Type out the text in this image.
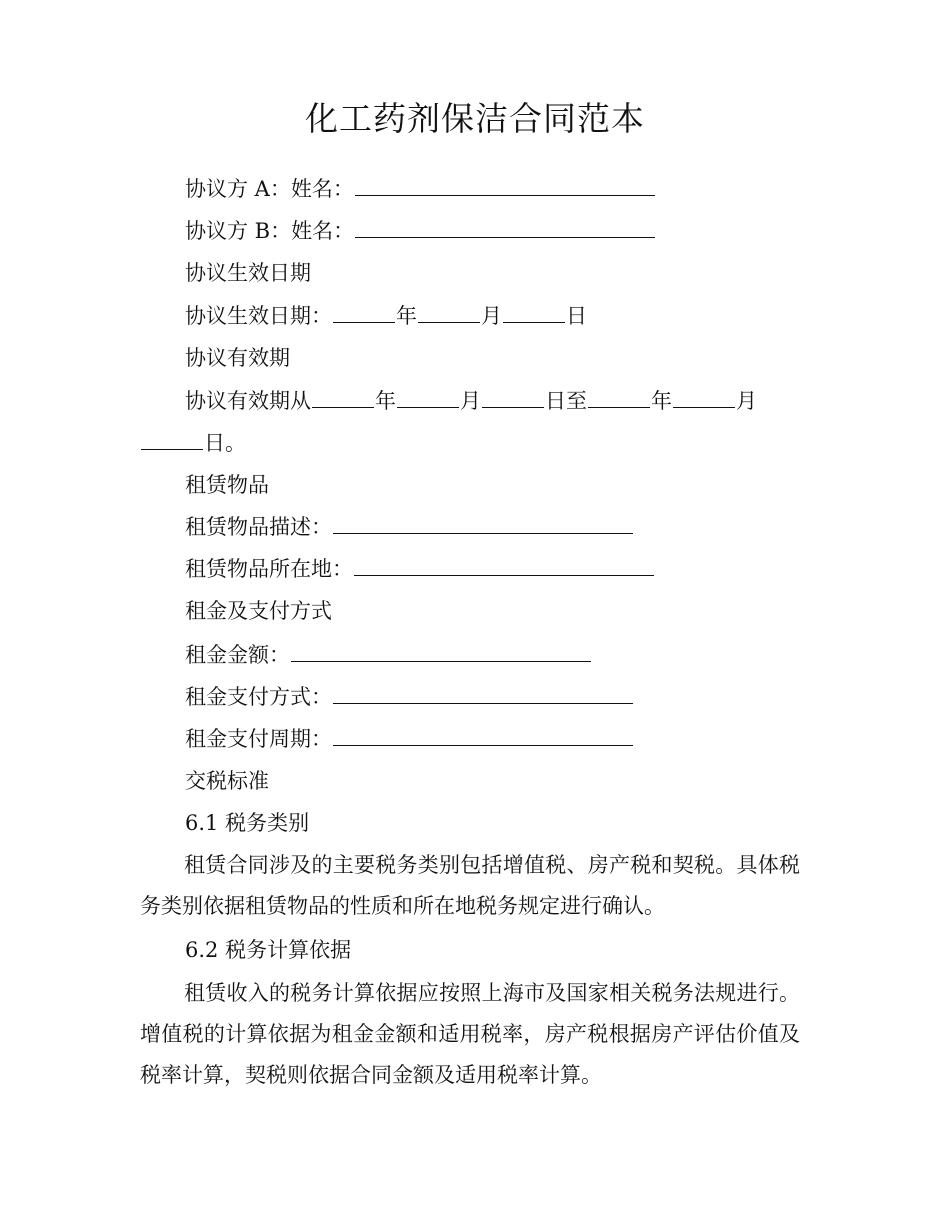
化工药剂保洁合同范本
协议方 A：姓名：
协议方 B：姓名：
协议生效日期
协议生效日期：	年	月	日
协议有效期
协议有效期从	年	月	日至	年	月
日。
租赁物品
租赁物品描述：
租赁物品所在地：
租金及支付方式
租金金额：
租金支付方式：
租金支付周期：
交税标准
6.1 税务类别

租赁合同涉及的主要税务类别包括增值税、房产税和契税。具体税务类别依据租赁物品的性质和所在地税务规定进行确认。

6.2 税务计算依据

租赁收入的税务计算依据应按照上海市及国家相关税务法规进行。增值税的计算依据为租金金额和适用税率，房产税根据房产评估价值及税率计算，契税则依据合同金额及适用税率计算。
